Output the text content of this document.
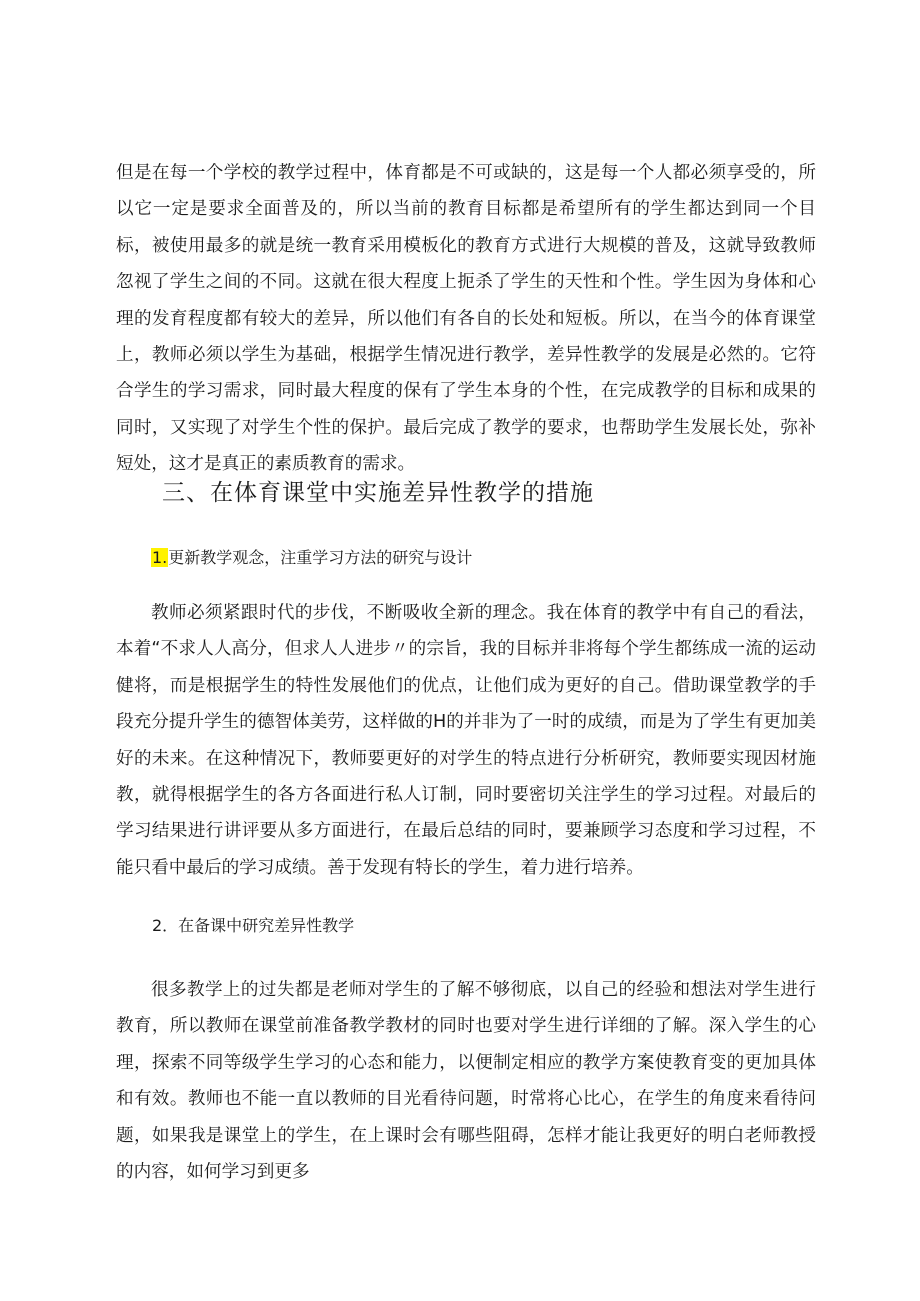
但是在每一个学校的教学过程中，体育都是不可或缺的，这是每一个人都必须享受的，所以它一定是要求全面普及的，所以当前的教育目标都是希望所有的学生都达到同一个目标，被使用最多的就是统一教育采用模板化的教育方式进行大规模的普及，这就导致教师忽视了学生之间的不同。这就在很大程度上扼杀了学生的天性和个性。学生因为身体和心理的发育程度都有较大的差异，所以他们有各自的长处和短板。所以，在当今的体育课堂上，教师必须以学生为基础，根据学生情况进行教学，差异性教学的发展是必然的。它符合学生的学习需求，同时最大程度的保有了学生本身的个性，在完成教学的目标和成果的同时，又实现了对学生个性的保护。最后完成了教学的要求，也帮助学生发展长处，弥补短处，这才是真正的素质教育的需求。

三、在体育课堂中实施差异性教学的措施
1.更新教学观念，注重学习方法的研究与设计

教师必须紧跟时代的步伐，不断吸收全新的理念。我在体育的教学中有自己的看法，本着“不求人人高分，但求人人进步〃的宗旨，我的目标并非将每个学生都练成一流的运动健将，而是根据学生的特性发展他们的优点，让他们成为更好的自己。借助课堂教学的手段充分提升学生的德智体美劳，这样做的H的并非为了一时的成绩，而是为了学生有更加美好的未来。在这种情况下，教师要更好的对学生的特点进行分析研究，教师要实现因材施教，就得根据学生的各方各面进行私人订制，同时要密切关注学生的学习过程。对最后的学习结果进行讲评要从多方面进行，在最后总结的同时，要兼顾学习态度和学习过程，不能只看中最后的学习成绩。善于发现有特长的学生，着力进行培养。

2．在备课中研究差异性教学

很多教学上的过失都是老师对学生的了解不够彻底，以自己的经验和想法对学生进行教育，所以教师在课堂前准备教学教材的同时也要对学生进行详细的了解。深入学生的心理，探索不同等级学生学习的心态和能力，以便制定相应的教学方案使教育变的更加具体和有效。教师也不能一直以教师的目光看待问题，时常将心比心，在学生的角度来看待问题，如果我是课堂上的学生，在上课时会有哪些阻碍，怎样才能让我更好的明白老师教授的内容，如何学习到更多
